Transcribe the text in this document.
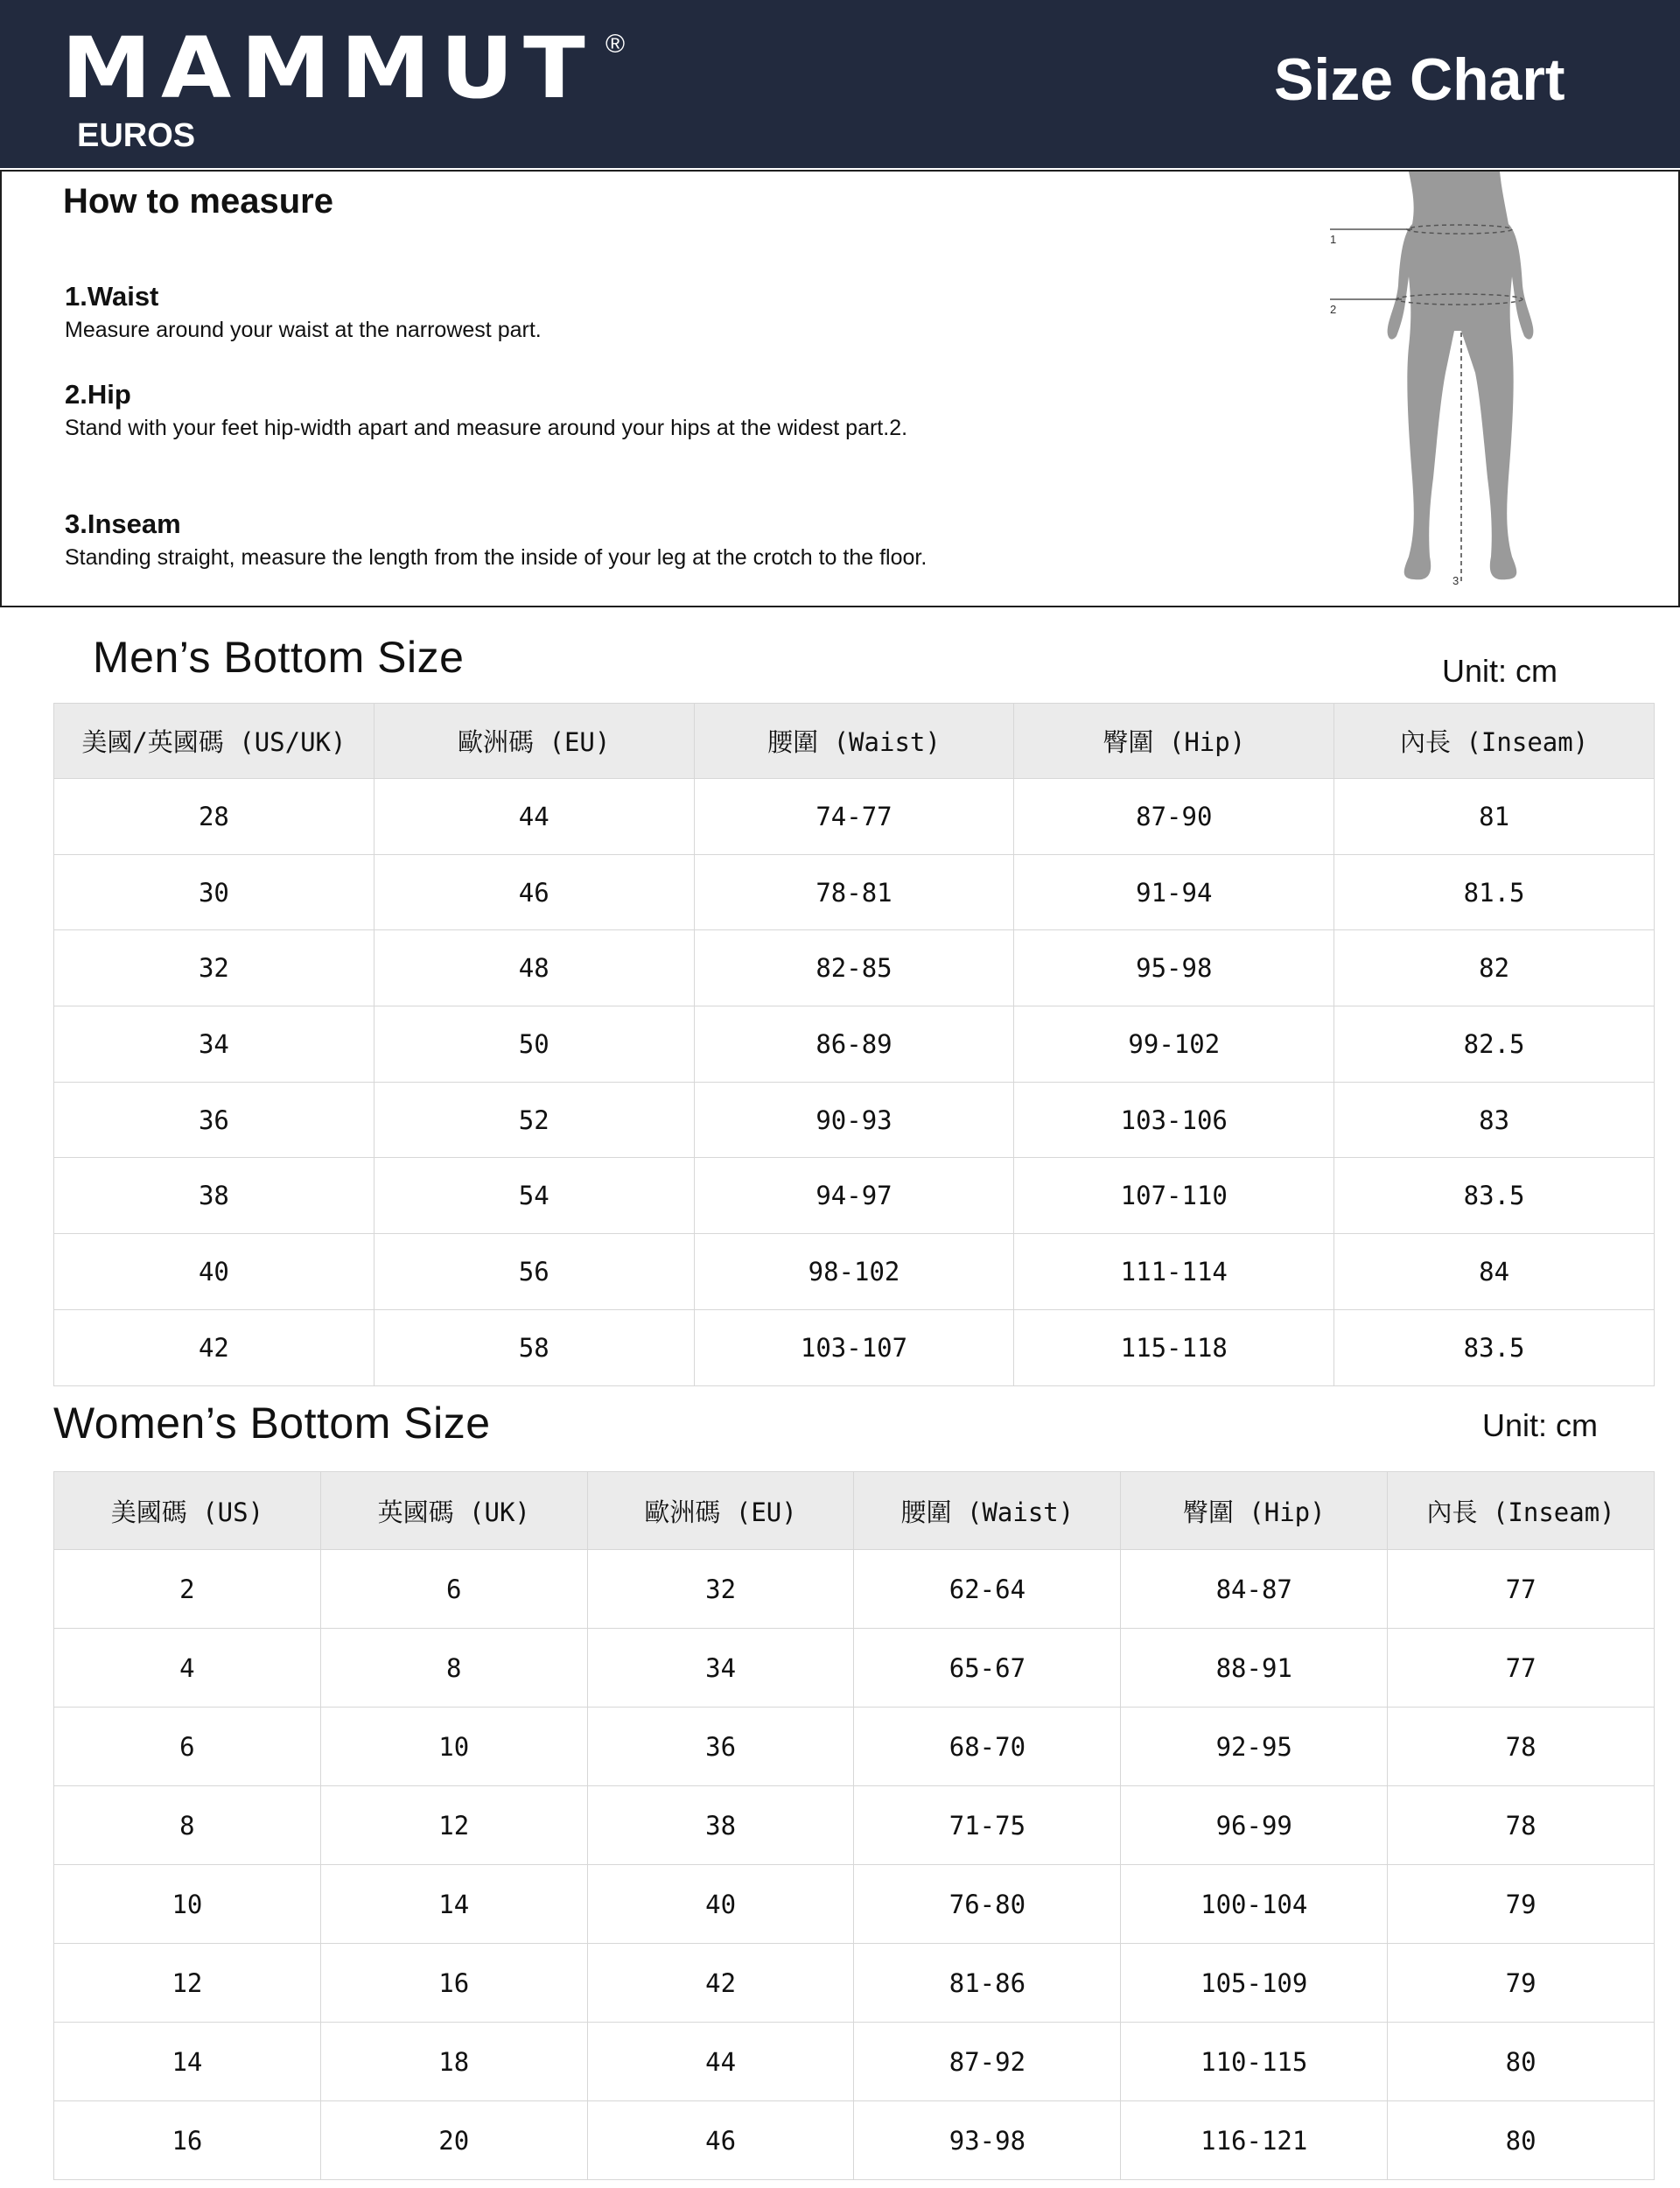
MAMMUT ®
EUROS
Size Chart
How to measure
1.Waist
Measure around your waist at the narrowest part.
2.Hip
Stand with your feet hip-width apart and measure around your hips at the widest part.2.
3.Inseam
Standing straight, measure the length from the inside of your leg at the crotch to the floor.
1
2
3
Men’s Bottom Size	Unit: cm
美國/英國碼 (US/UK)	歐洲碼 (EU)	腰圍 (Waist)	臀圍 (Hip)	內長 (Inseam)
28	44	74-77	87-90	81
30	46	78-81	91-94	81.5
32	48	82-85	95-98	82
34	50	86-89	99-102	82.5
36	52	90-93	103-106	83
38	54	94-97	107-110	83.5
40	56	98-102	111-114	84
42	58	103-107	115-118	83.5
Women’s Bottom Size	Unit: cm
美國碼 (US)	英國碼 (UK)	歐洲碼 (EU)	腰圍 (Waist)	臀圍 (Hip)	內長 (Inseam)
2	6	32	62-64	84-87	77
4	8	34	65-67	88-91	77
6	10	36	68-70	92-95	78
8	12	38	71-75	96-99	78
10	14	40	76-80	100-104	79
12	16	42	81-86	105-109	79
14	18	44	87-92	110-115	80
16	20	46	93-98	116-121	80
